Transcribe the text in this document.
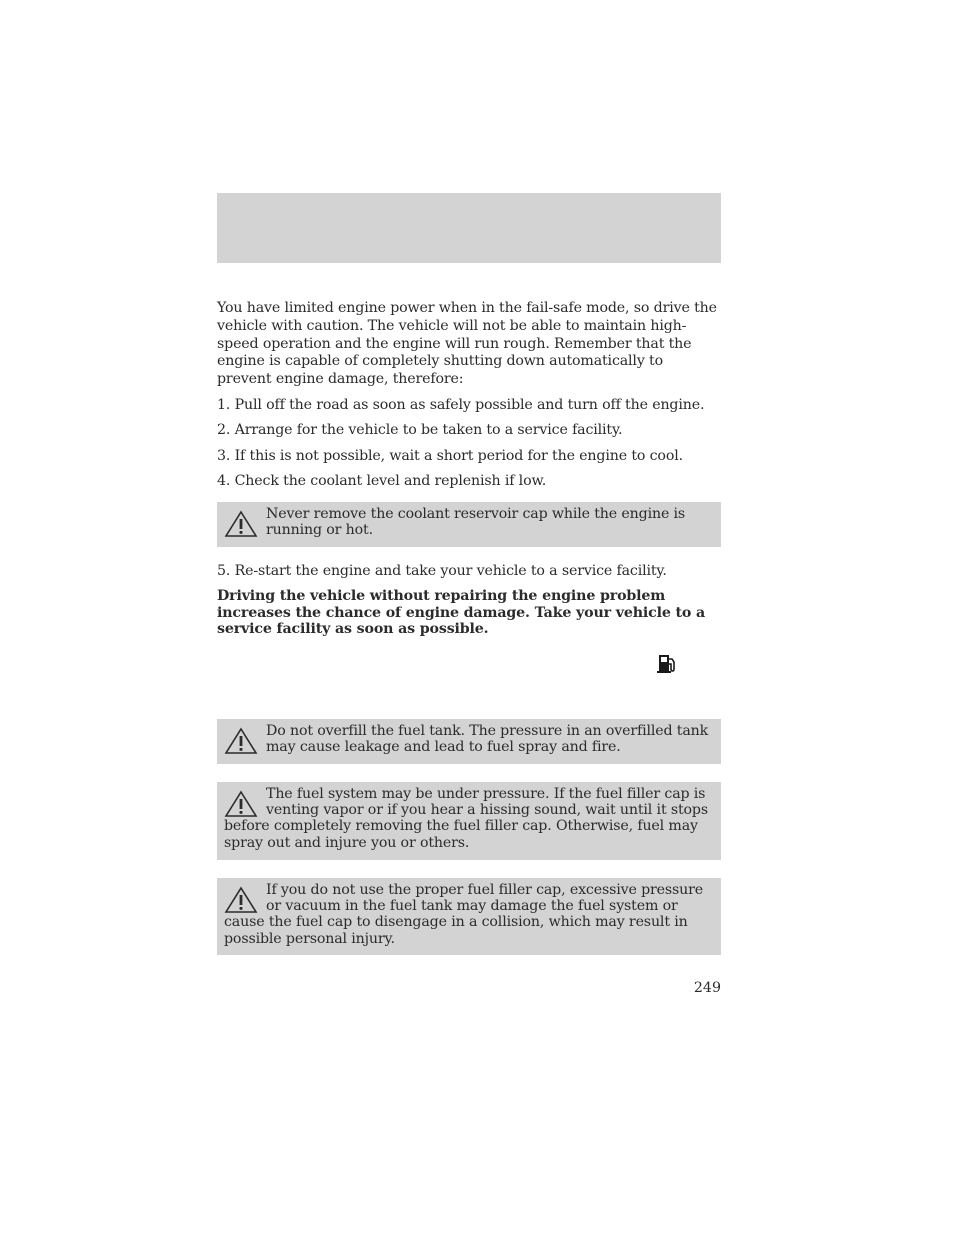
You have limited engine power when in the fail-safe mode, so drive the vehicle with caution. The vehicle will not be able to maintain high-speed operation and the engine will run rough. Remember that the engine is capable of completely shutting down automatically to prevent engine damage, therefore:

1. Pull off the road as soon as safely possible and turn off the engine.

2. Arrange for the vehicle to be taken to a service facility.

3. If this is not possible, wait a short period for the engine to cool.

4. Check the coolant level and replenish if low.

Never remove the coolant reservoir cap while the engine is running or hot.

5. Re-start the engine and take your vehicle to a service facility.

Driving the vehicle without repairing the engine problem increases the chance of engine damage. Take your vehicle to a service facility as soon as possible.

Do not overfill the fuel tank. The pressure in an overfilled tank may cause leakage and lead to fuel spray and fire.
The fuel system may be under pressure. If the fuel filler cap is venting vapor or if you hear a hissing sound, wait until it stops before completely removing the fuel filler cap. Otherwise, fuel may spray out and injure you or others.
If you do not use the proper fuel filler cap, excessive pressure or vacuum in the fuel tank may damage the fuel system or cause the fuel cap to disengage in a collision, which may result in possible personal injury.
249
